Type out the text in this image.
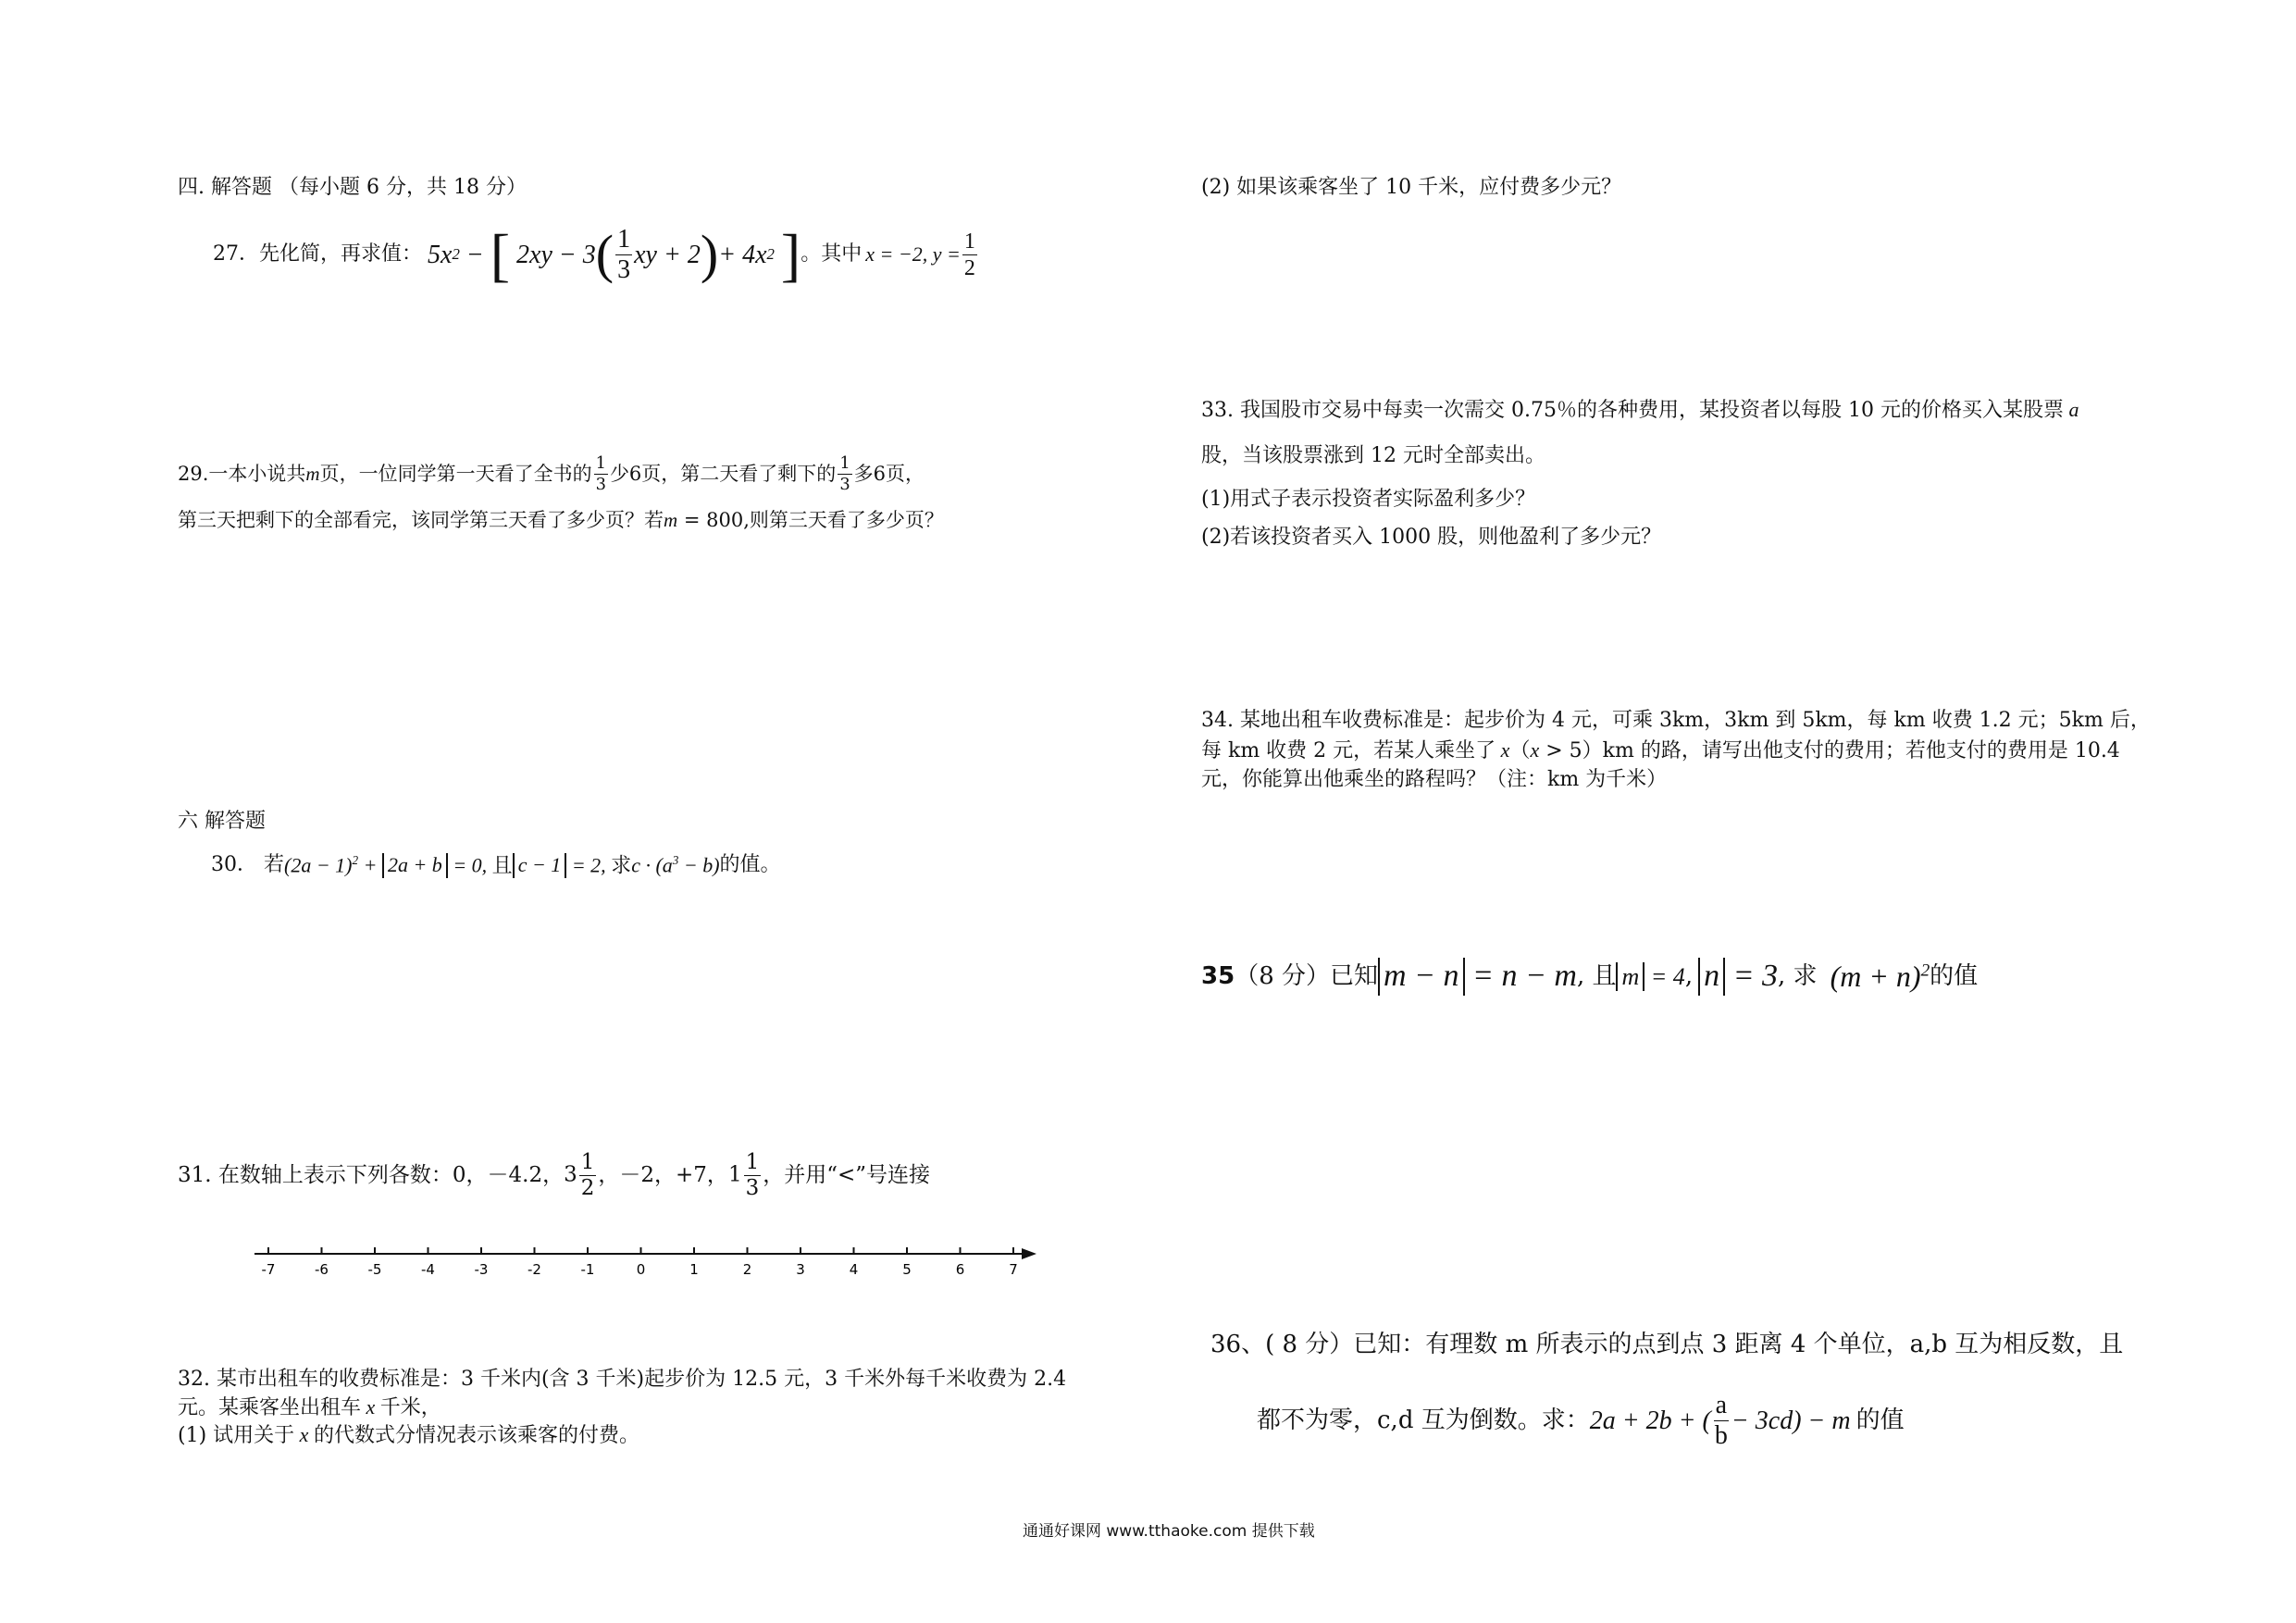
四. 解答题 （每小题 6 分，共 18 分）
27．先化简，再求值： 5x 2 − [ 2xy − 3 ( $\frac{1}{3}$ xy + 2 ) + 4x 2
] 。其中 x = −2, $y = \frac{1}{2}$
29.一本小说共 m 页，一位同学第一天看了全书的 $\frac{1}{3}$ 少6页，第二天看了剩下的 $\frac{1}{3}$ 多6页，
第三天把剩下的全部看完，该同学第三天看了多少页？若m = 800,则第三天看了多少页？
六 解答题
30． 若 $(2a - 1)^2 + 2a + b = 0$, 且 c − 1 = 2, 求$c \cdot (a^3 - b)$ 的值。
31. 在数轴上表示下列各数：0，－4.2， $3 \frac{1}{2}$ ，－2，+7， $1 \frac{1}{3}$ ，并用“<”号连接
-7	-6	-5	-4	-3	-2	-1	0	1	2	3	4	5	6	7
32. 某市出租车的收费标准是：3 千米内(含 3 千米)起步价为 12.5 元，3 千米外每千米收费为 2.4
元。某乘客坐出租车 x 千米，
(1) 试用关于 x 的代数式分情况表示该乘客的付费。
(2) 如果该乘客坐了 10 千米，应付费多少元？
33. 我国股市交易中每卖一次需交 0.75％的各种费用，某投资者以每股 10 元的价格买入某股票 a
股，当该股票涨到 12 元时全部卖出。
(1)用式子表示投资者实际盈利多少？
(2)若该投资者买入 1000 股，则他盈利了多少元？
34. 某地出租车收费标准是：起步价为 4 元，可乘 3km，3km 到 5km，每 km 收费 1.2 元；5km 后，
每 km 收费 2 元，若某人乘坐了 x（x > 5）km 的路，请写出他支付的费用；若他支付的费用是 10.4
元，你能算出他乘坐的路程吗？（注：km 为千米）
35 （8 分）已知 m − n = n − m , 且 m = 4 , n = 3 , 求 $(m + n)^2$ 的值
36、( 8 分）已知：有理数 m 所表示的点到点 3 距离 4 个单位，a,b 互为相反数，且
都不为零，c,d 互为倒数。求： 2a + 2b + ( $\frac{a}{b} - 3cd) - m$ 的值
通通好课网 www.tthaoke.com 提供下载
